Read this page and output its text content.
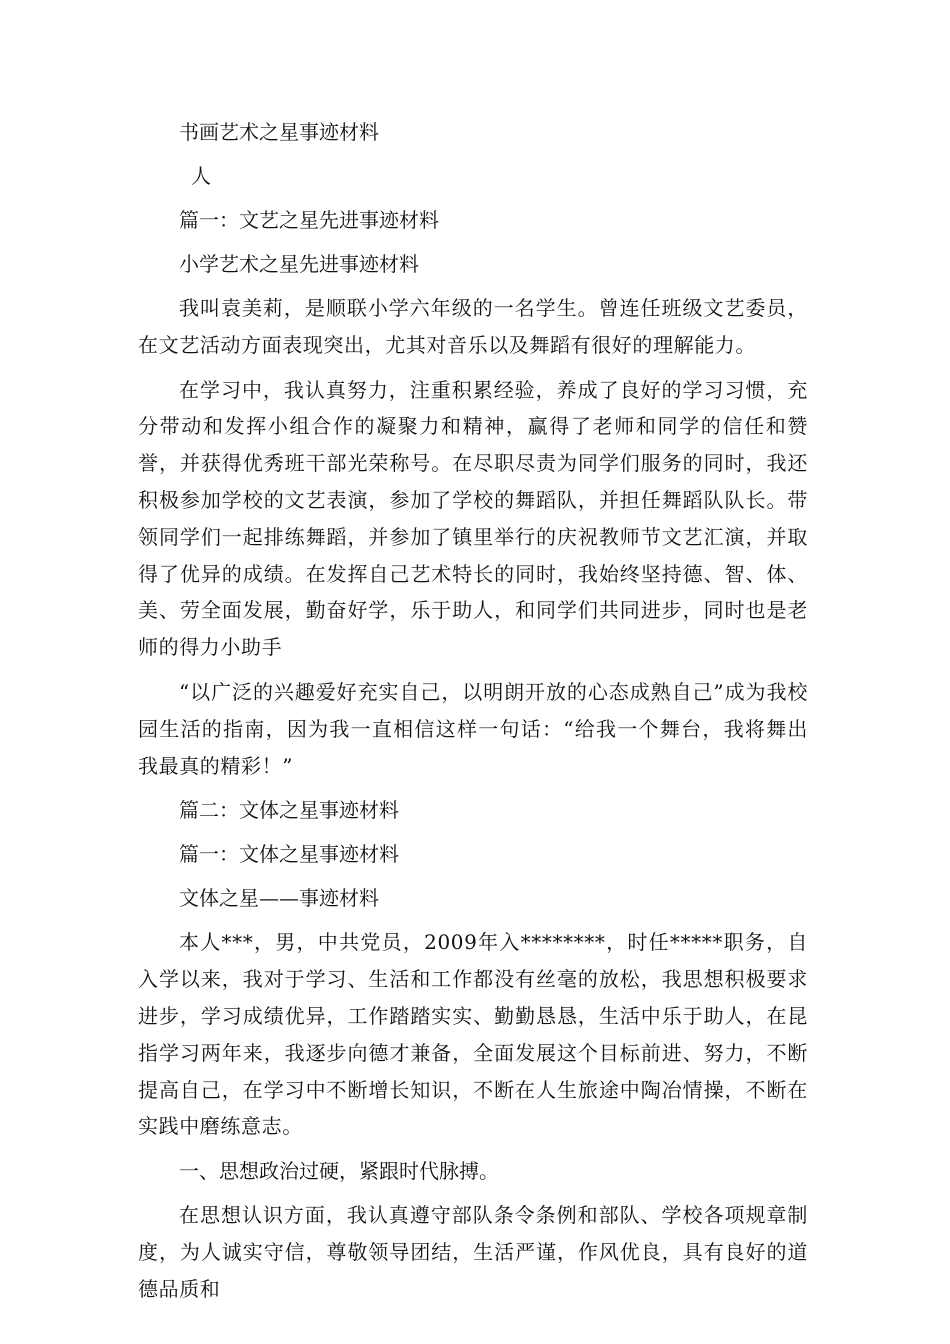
书画艺术之星事迹材料

人

篇一：文艺之星先进事迹材料

小学艺术之星先进事迹材料

我叫袁美莉，是顺联小学六年级的一名学生。曾连任班级文艺委员，在文艺活动方面表现突出，尤其对音乐以及舞蹈有很好的理解能力。

在学习中，我认真努力，注重积累经验，养成了良好的学习习惯，充分带动和发挥小组合作的凝聚力和精神，赢得了老师和同学的信任和赞誉，并获得优秀班干部光荣称号。在尽职尽责为同学们服务的同时，我还积极参加学校的文艺表演，参加了学校的舞蹈队，并担任舞蹈队队长。带领同学们一起排练舞蹈，并参加了镇里举行的庆祝教师节文艺汇演，并取得了优异的成绩。在发挥自己艺术特长的同时，我始终坚持德、智、体、美、劳全面发展，勤奋好学，乐于助人，和同学们共同进步，同时也是老师的得力小助手

“以广泛的兴趣爱好充实自己，以明朗开放的心态成熟自己”成为我校园生活的指南，因为我一直相信这样一句话：“给我一个舞台，我将舞出我最真的精彩！”

篇二：文体之星事迹材料

篇一：文体之星事迹材料

文体之星——事迹材料

本人***，男，中共党员，2009年入********，时任*****职务，自入学以来，我对于学习、生活和工作都没有丝毫的放松，我思想积极要求进步，学习成绩优异，工作踏踏实实、勤勤恳恳，生活中乐于助人，在昆指学习两年来，我逐步向德才兼备，全面发展这个目标前进、努力，不断提高自己，在学习中不断增长知识，不断在人生旅途中陶冶情操，不断在实践中磨练意志。

一、思想政治过硬，紧跟时代脉搏。

在思想认识方面，我认真遵守部队条令条例和部队、学校各项规章制度，为人诚实守信，尊敬领导团结，生活严谨，作风优良，具有良好的道德品质和
